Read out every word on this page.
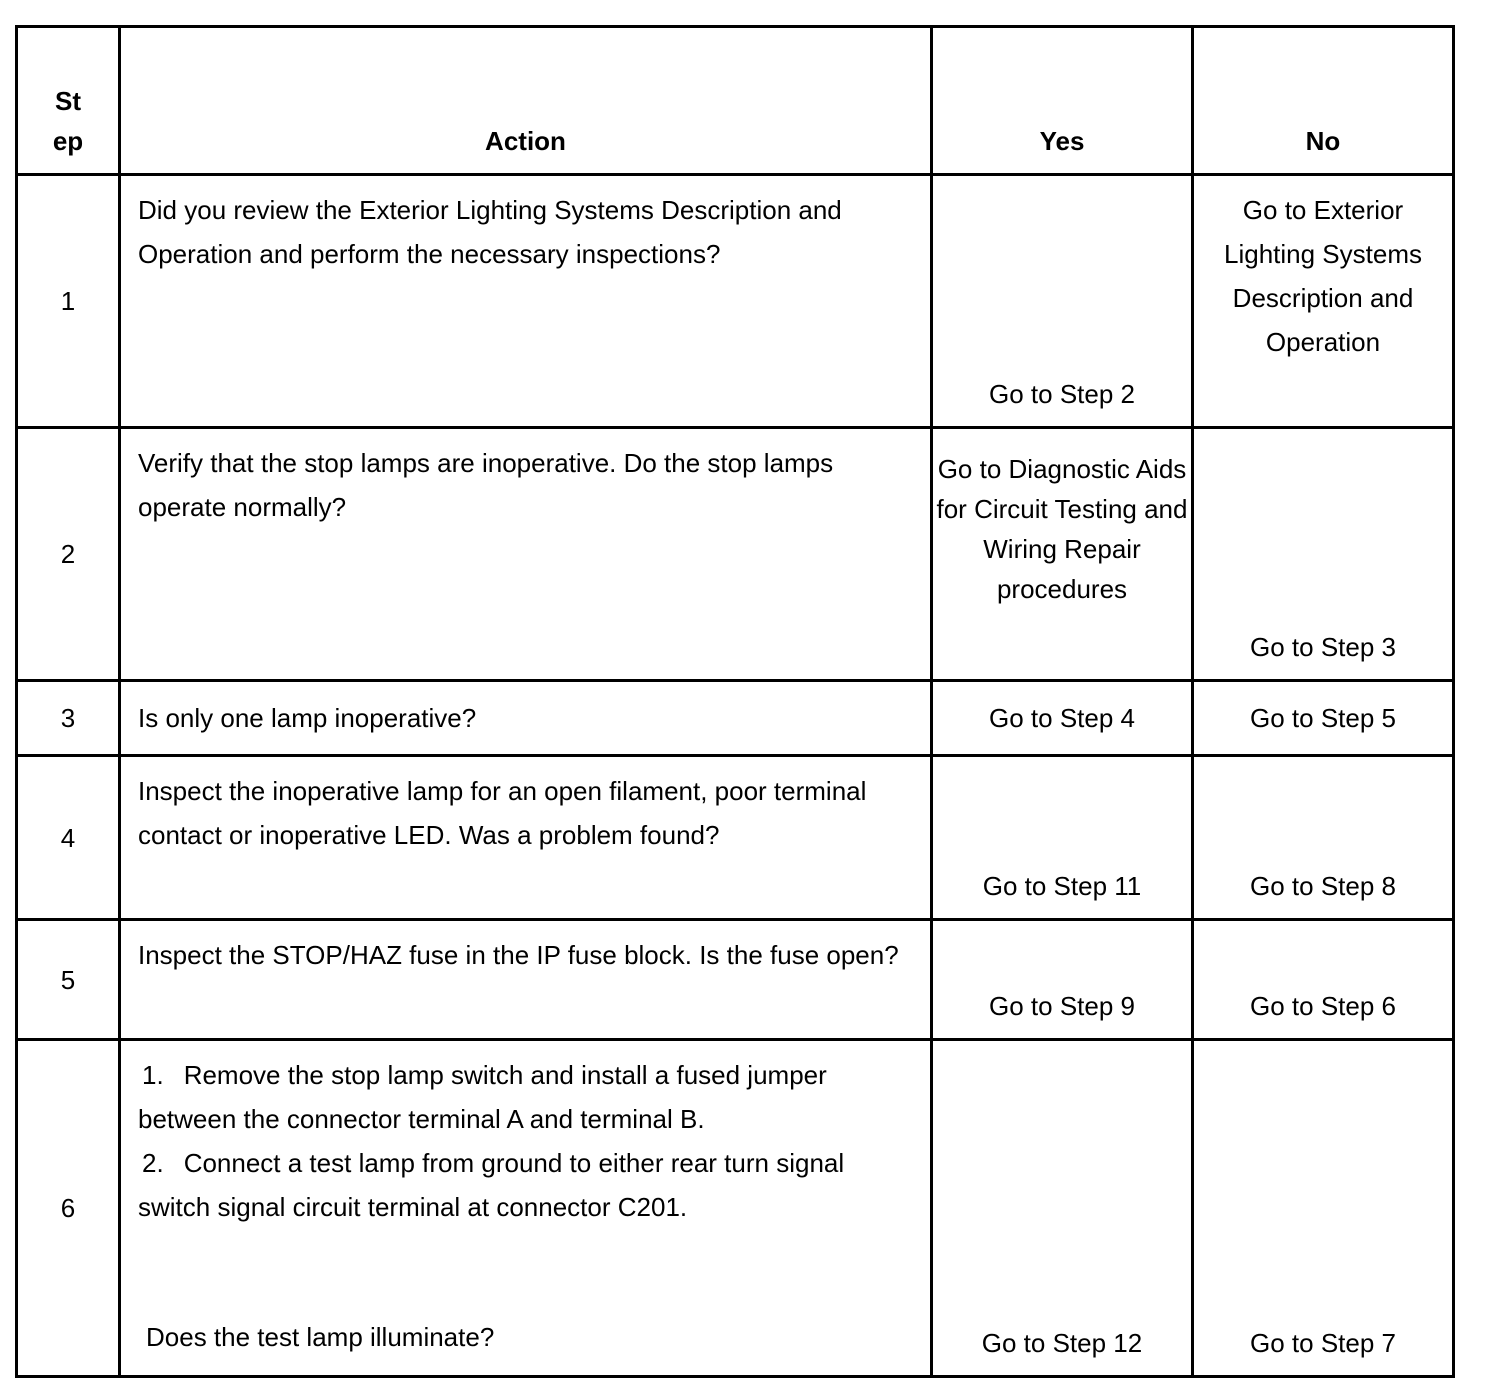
St ep	Action	Yes	No
1	Did you review the Exterior Lighting Systems Description and Operation and perform the necessary inspections?	Go to Step 2	Go to Exterior Lighting Systems Description and Operation
2	Verify that the stop lamps are inoperative. Do the stop lamps operate normally?	Go to Diagnostic Aids for Circuit Testing and Wiring Repair procedures	Go to Step 3
3	Is only one lamp inoperative?	Go to Step 4	Go to Step 5
4	Inspect the inoperative lamp for an open filament, poor terminal contact or inoperative LED. Was a problem found?	Go to Step 11	Go to Step 8
5	Inspect the STOP/HAZ fuse in the IP fuse block. Is the fuse open?	Go to Step 9	Go to Step 6
6	1. Remove the stop lamp switch and install a fused jumper between the connector terminal A and terminal B.
2. Connect a test lamp from ground to either rear turn signal switch signal circuit terminal at connector C201.
Does the test lamp illuminate?	Go to Step 12	Go to Step 7
